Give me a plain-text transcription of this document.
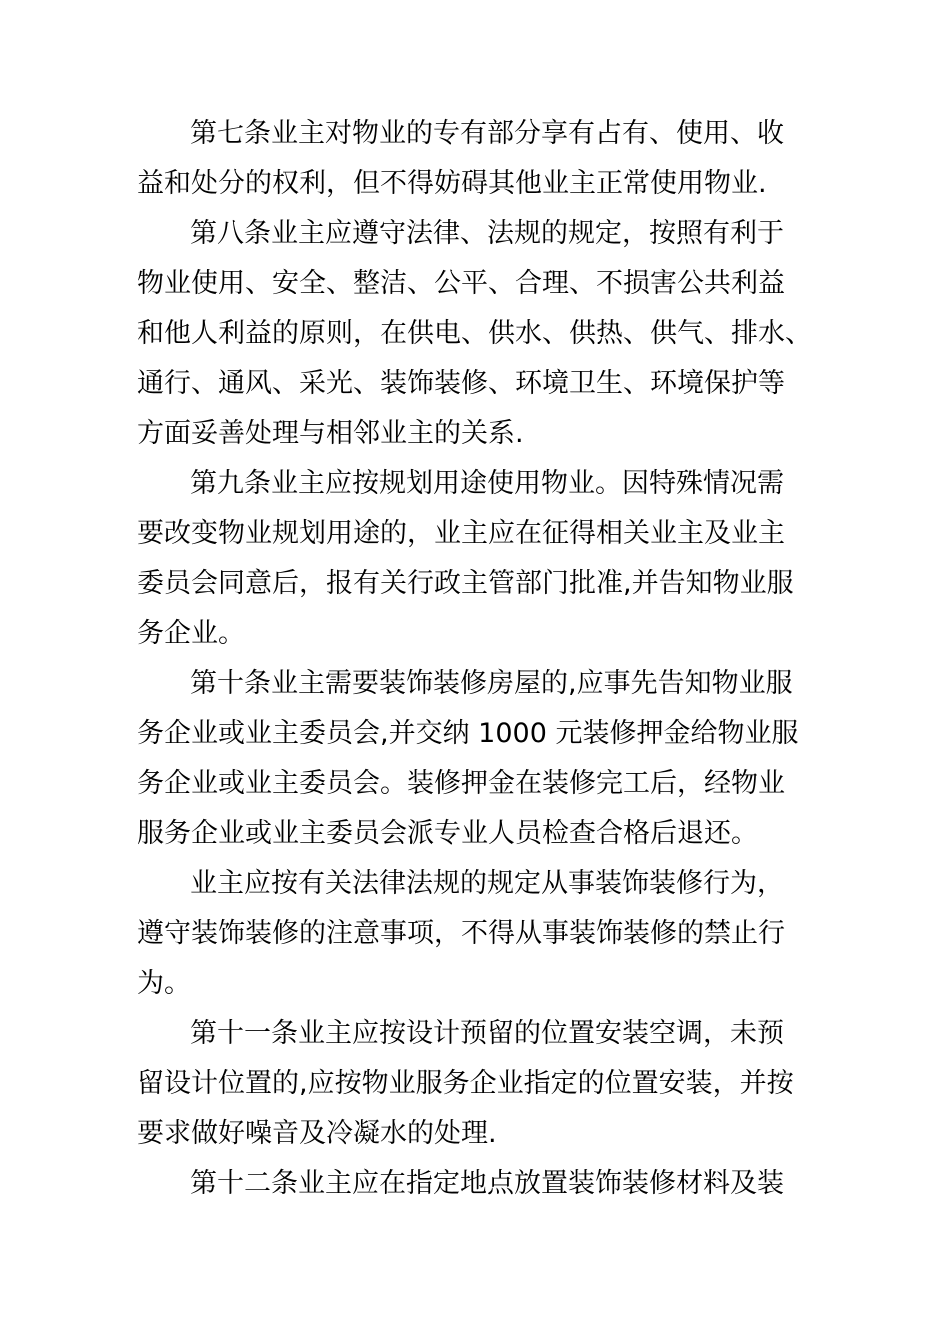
第七条业主对物业的专有部分享有占有、使用、收
益和处分的权利，但不得妨碍其他业主正常使用物业.
第八条业主应遵守法律、法规的规定，按照有利于
物业使用、安全、整洁、公平、合理、不损害公共利益
和他人利益的原则，在供电、供水、供热、供气、排水、
通行、通风、采光、装饰装修、环境卫生、环境保护等
方面妥善处理与相邻业主的关系.
第九条业主应按规划用途使用物业。因特殊情况需
要改变物业规划用途的，业主应在征得相关业主及业主
委员会同意后，报有关行政主管部门批准,并告知物业服
务企业。
第十条业主需要装饰装修房屋的,应事先告知物业服
务企业或业主委员会,并交纳 1000 元装修押金给物业服
务企业或业主委员会。装修押金在装修完工后，经物业
服务企业或业主委员会派专业人员检查合格后退还。
业主应按有关法律法规的规定从事装饰装修行为，
遵守装饰装修的注意事项，不得从事装饰装修的禁止行
为。
第十一条业主应按设计预留的位置安装空调，未预
留设计位置的,应按物业服务企业指定的位置安装，并按
要求做好噪音及冷凝水的处理.
第十二条业主应在指定地点放置装饰装修材料及装
